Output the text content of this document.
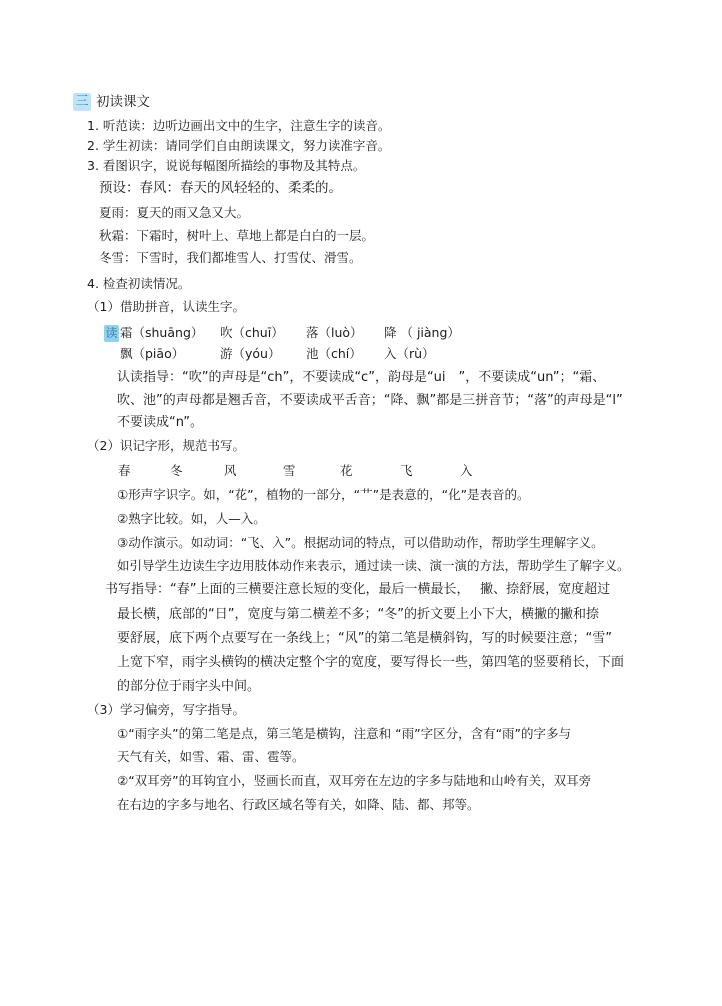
三 初读课文
1. 听范读：边听边画出文中的生字，注意生字的读音。
2. 学生初读：请同学们自由朗读课文，努力读准字音。
3. 看图识字，说说每幅图所描绘的事物及其特点。
预设：春风：春天的风轻轻的、柔柔的。
夏雨：夏天的雨又急又大。
秋霜：下霜时，树叶上、草地上都是白白的一层。
冬雪：下雪时，我们都堆雪人、打雪仗、滑雪。
4. 检查初读情况。
（1）借助拼音，认读生字。
读 霜（shuāng） 吹（chuī） 落（luò） 降 （ jiàng）
飘（piāo）	游（yóu） 池（chí） 入（rù）
认读指导：“吹”的声母是“ch”，不要读成“c”，韵母是“ui　”，不要读成“un”；“霜、
吹、池”的声母都是翘舌音，不要读成平舌音；“降、飘”都是三拼音节；“落”的声母是“l”
不要读成“n”。
（2）识记字形，规范书写。
春	冬	风	雪	花	飞	入
①形声字识字。如，“花”，植物的一部分，“艹”是表意的，“化”是表音的。
②熟字比较。如，人—入。
③动作演示。如动词：“飞、入”。根据动词的特点，可以借助动作，帮助学生理解字义。
如引导学生边读生字边用肢体动作来表示，通过读一读、演一演的方法，帮助学生了解字义。
书写指导：“春”上面的三横要注意长短的变化，最后一横最长，　 撇、捺舒展，宽度超过
最长横，底部的“日”，宽度与第二横差不多；“冬”的折文要上小下大，横撇的撇和捺
要舒展，底下两个点要写在一条线上；“风”的第二笔是横斜钩，写的时候要注意；“雪”
上宽下窄，雨字头横钩的横决定整个字的宽度，要写得长一些，第四笔的竖要稍长，下面
的部分位于雨字头中间。
（3）学习偏旁，写字指导。
①“雨字头”的第二笔是点，第三笔是横钩，注意和 “雨”字区分，含有“雨”的字多与
天气有关，如雪、霜、雷、雹等。
②“双耳旁”的耳钩宜小，竖画长而直，双耳旁在左边的字多与陆地和山岭有关，双耳旁
在右边的字多与地名、行政区域名等有关，如降、陆、都、邦等。
